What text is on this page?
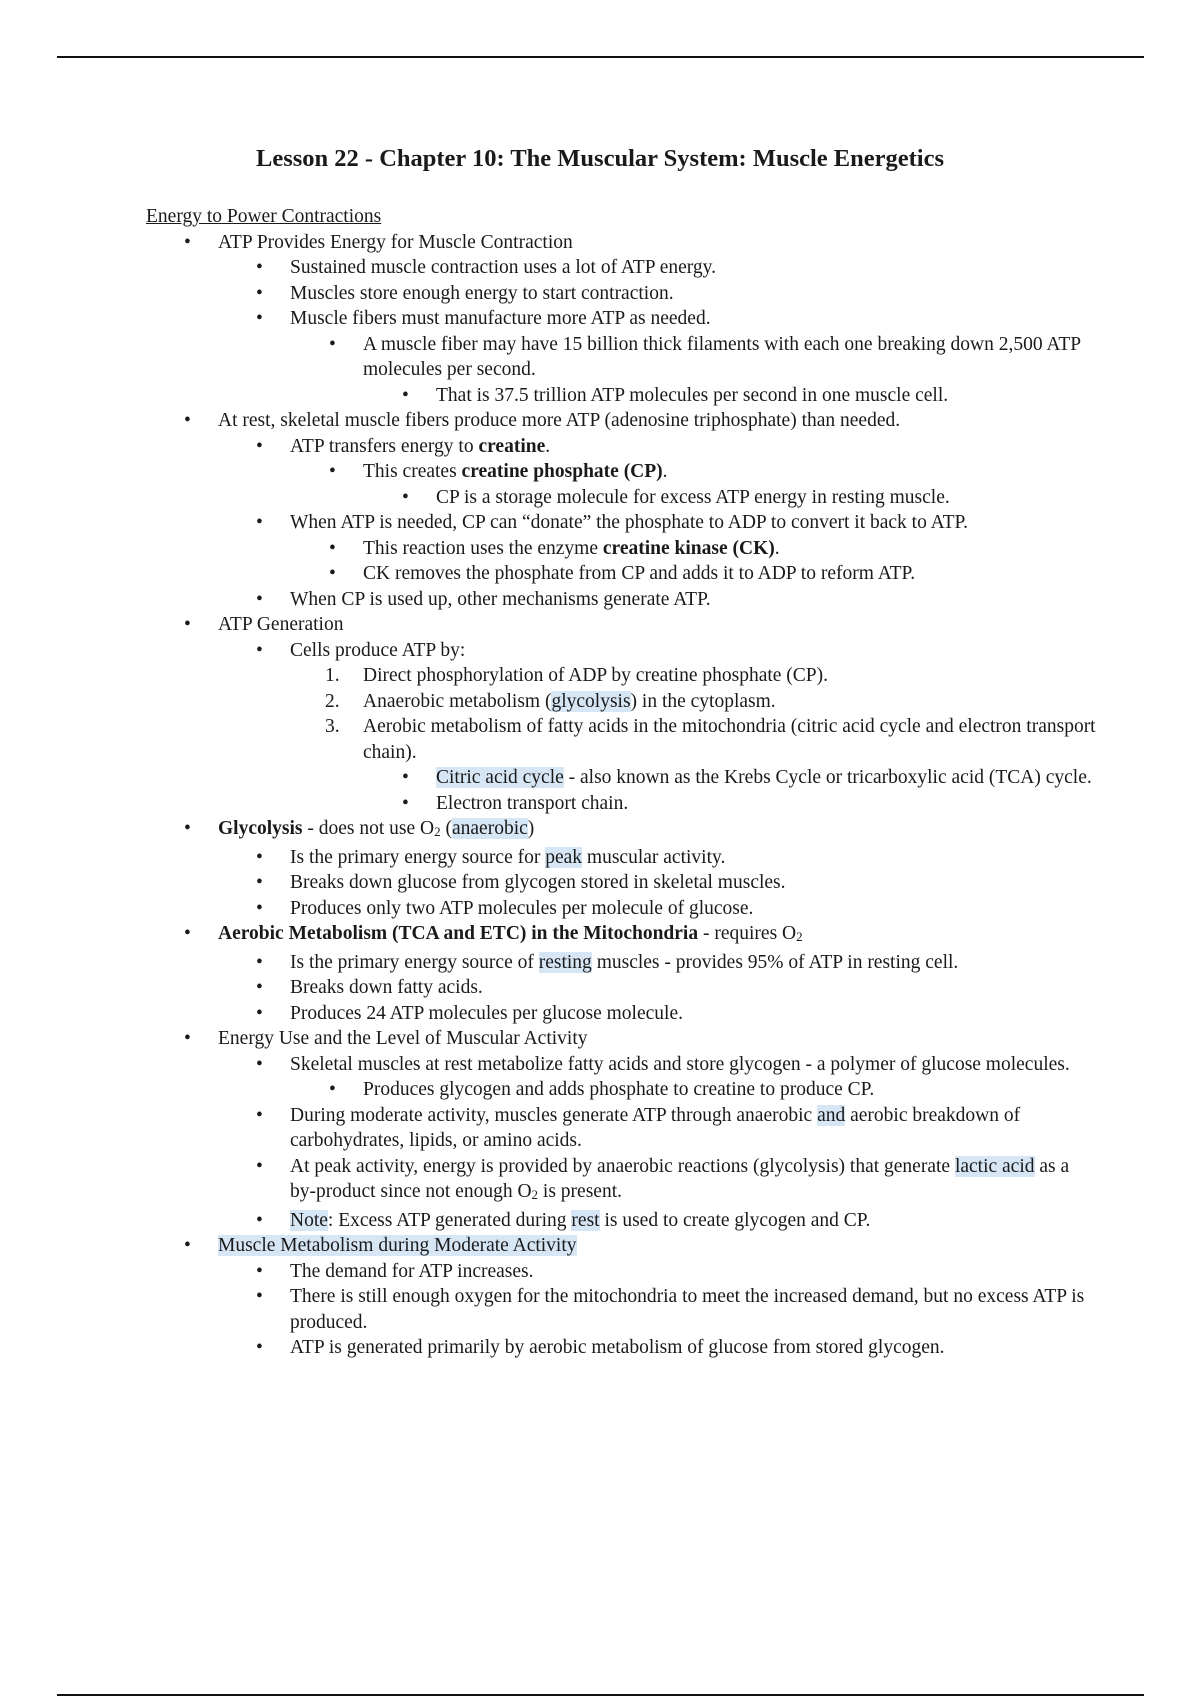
Lesson 22 - Chapter 10: The Muscular System: Muscle Energetics
Energy to Power Contractions
• ATP Provides Energy for Muscle Contraction
• Sustained muscle contraction uses a lot of ATP energy.
• Muscles store enough energy to start contraction.
• Muscle fibers must manufacture more ATP as needed.
• A muscle fiber may have 15 billion thick filaments with each one breaking down 2,500 ATP molecules per second.
• That is 37.5 trillion ATP molecules per second in one muscle cell.
• At rest, skeletal muscle fibers produce more ATP (adenosine triphosphate) than needed.
• ATP transfers energy to creatine.
• This creates creatine phosphate (CP).
• CP is a storage molecule for excess ATP energy in resting muscle.
• When ATP is needed, CP can “donate” the phosphate to ADP to convert it back to ATP.
• This reaction uses the enzyme creatine kinase (CK).
• CK removes the phosphate from CP and adds it to ADP to reform ATP.
• When CP is used up, other mechanisms generate ATP.
• ATP Generation
• Cells produce ATP by:
1. Direct phosphorylation of ADP by creatine phosphate (CP).
2. Anaerobic metabolism (glycolysis) in the cytoplasm.
3. Aerobic metabolism of fatty acids in the mitochondria (citric acid cycle and electron transport chain).
• Citric acid cycle - also known as the Krebs Cycle or tricarboxylic acid (TCA) cycle.
• Electron transport chain.
• Glycolysis - does not use $O_2$ (anaerobic)
• Is the primary energy source for peak muscular activity.
• Breaks down glucose from glycogen stored in skeletal muscles.
• Produces only two ATP molecules per molecule of glucose.
• Aerobic Metabolism (TCA and ETC) in the Mitochondria - requires $O_2$
• Is the primary energy source of resting muscles - provides 95% of ATP in resting cell.
• Breaks down fatty acids.
• Produces 24 ATP molecules per glucose molecule.
• Energy Use and the Level of Muscular Activity
• Skeletal muscles at rest metabolize fatty acids and store glycogen - a polymer of glucose molecules.
• Produces glycogen and adds phosphate to creatine to produce CP.
• During moderate activity, muscles generate ATP through anaerobic and aerobic breakdown of carbohydrates, lipids, or amino acids.
• At peak activity, energy is provided by anaerobic reactions (glycolysis) that generate lactic acid as a by-product since not enough $O_2$ is present.
• Note: Excess ATP generated during rest is used to create glycogen and CP.
• Muscle Metabolism during Moderate Activity
• The demand for ATP increases.
• There is still enough oxygen for the mitochondria to meet the increased demand, but no excess ATP is produced.
• ATP is generated primarily by aerobic metabolism of glucose from stored glycogen.
